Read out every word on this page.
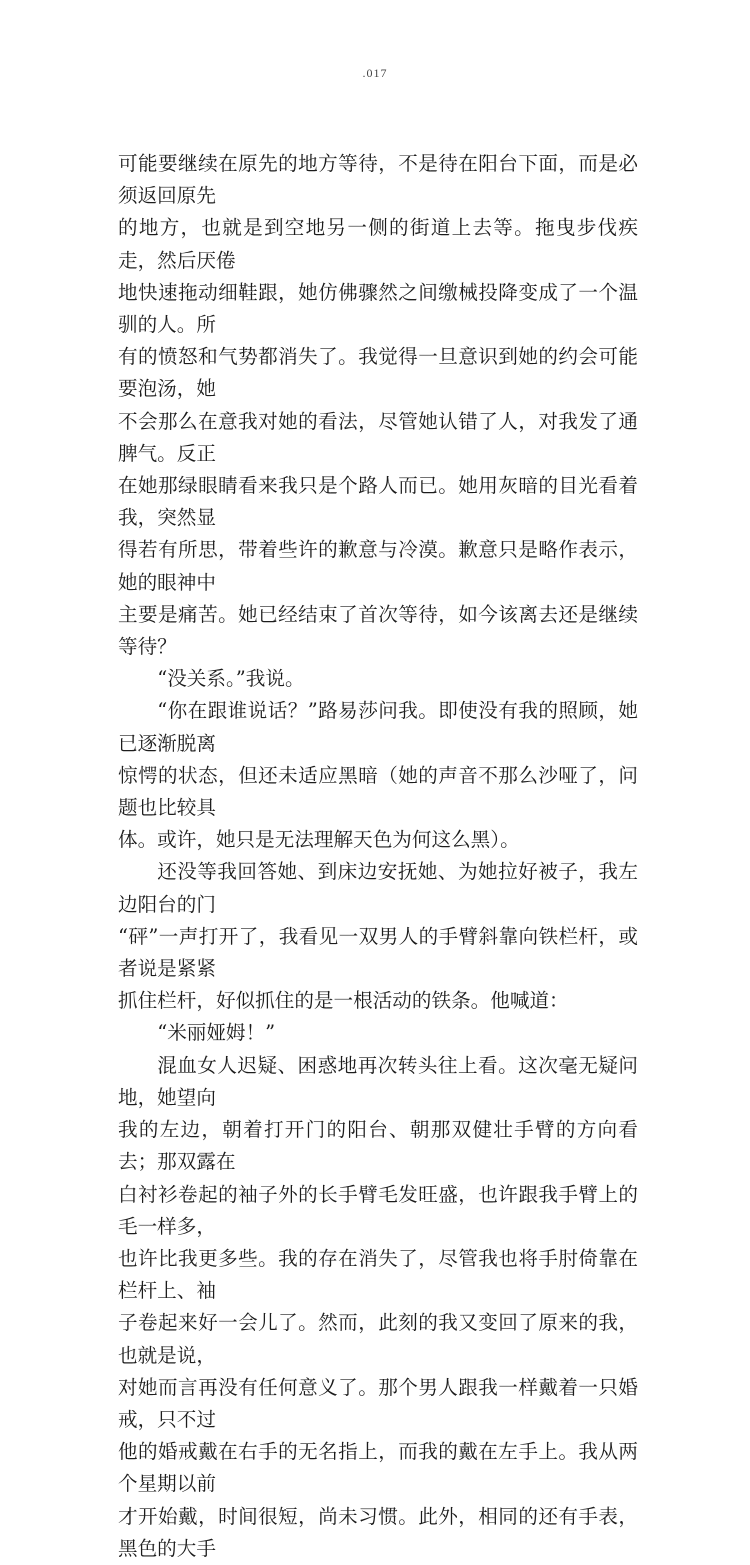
.017

可能要继续在原先的地方等待，不是待在阳台下面，而是必须返回原先
的地方，也就是到空地另一侧的街道上去等。拖曳步伐疾走，然后厌倦
地快速拖动细鞋跟，她仿佛骤然之间缴械投降变成了一个温驯的人。所
有的愤怒和气势都消失了。我觉得一旦意识到她的约会可能要泡汤，她
不会那么在意我对她的看法，尽管她认错了人，对我发了通脾气。反正
在她那绿眼睛看来我只是个路人而已。她用灰暗的目光看着我，突然显
得若有所思，带着些许的歉意与冷漠。歉意只是略作表示，她的眼神中
主要是痛苦。她已经结束了首次等待，如今该离去还是继续等待？

“没关系。”我说。

“你在跟谁说话？”路易莎问我。即使没有我的照顾，她已逐渐脱离
惊愕的状态，但还未适应黑暗（她的声音不那么沙哑了，问题也比较具
体。或许，她只是无法理解天色为何这么黑）。

还没等我回答她、到床边安抚她、为她拉好被子，我左边阳台的门
“砰”一声打开了，我看见一双男人的手臂斜靠向铁栏杆，或者说是紧紧
抓住栏杆，好似抓住的是一根活动的铁条。他喊道：

“米丽娅姆！”

混血女人迟疑、困惑地再次转头往上看。这次毫无疑问地，她望向
我的左边，朝着打开门的阳台、朝那双健壮手臂的方向看去；那双露在
白衬衫卷起的袖子外的长手臂毛发旺盛，也许跟我手臂上的毛一样多，
也许比我更多些。我的存在消失了，尽管我也将手肘倚靠在栏杆上、袖
子卷起来好一会儿了。然而，此刻的我又变回了原来的我，也就是说，
对她而言再没有任何意义了。那个男人跟我一样戴着一只婚戒，只不过
他的婚戒戴在右手的无名指上，而我的戴在左手上。我从两个星期以前
才开始戴，时间很短，尚未习惯。此外，相同的还有手表，黑色的大手
